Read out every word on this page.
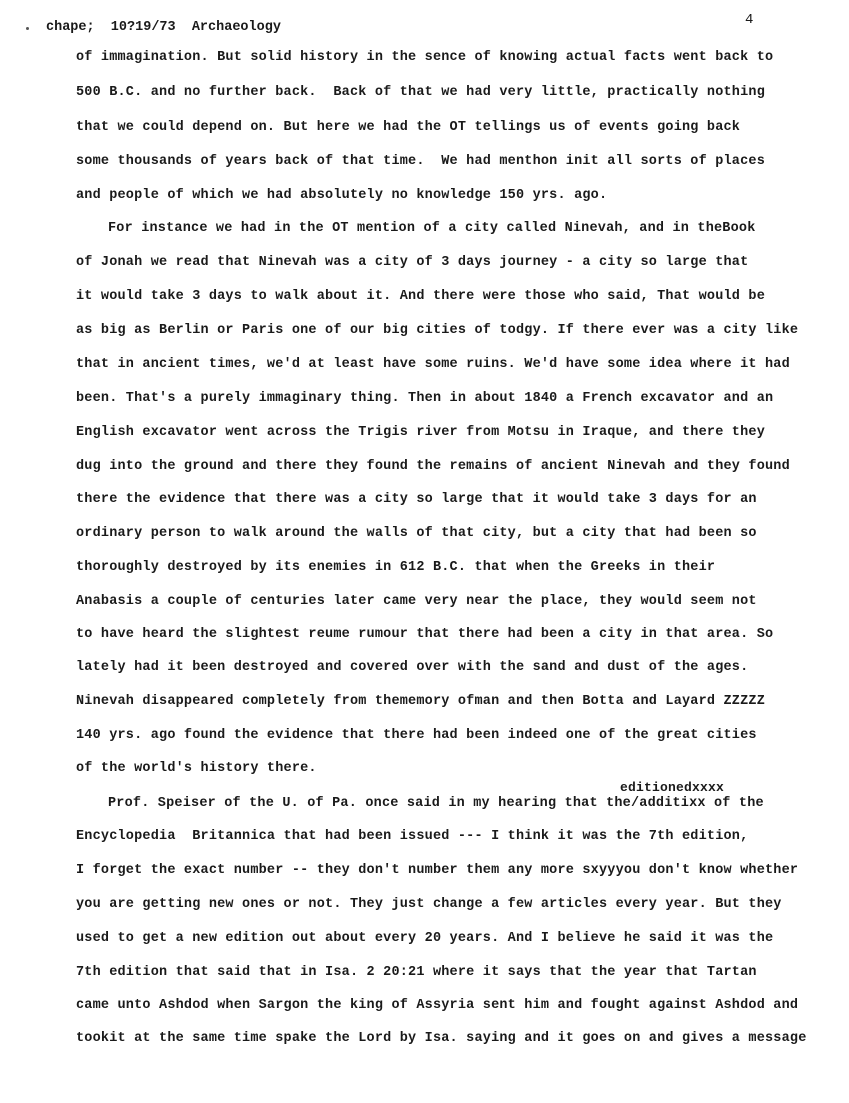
chape;  10?19/73  Archaeology	4
of immagination. But solid history in the sence of knowing actual facts went back to
500 B.C. and no further back.  Back of that we had very little, practically nothing
that we could depend on. But here we had the OT tellings us of events going back
some thousands of years back of that time.  We had menthon init all sorts of places
and people of which we had absolutely no knowledge 150 yrs. ago.
For instance we had in the OT mention of a city called Ninevah, and in theBook
of Jonah we read that Ninevah was a city of 3 days journey - a city so large that
it would take 3 days to walk about it. And there were those who said, That would be
as big as Berlin or Paris one of our big cities of todgy. If there ever was a city like
that in ancient times, we'd at least have some ruins. We'd have some idea where it had
been. That's a purely immaginary thing. Then in about 1840 a French excavator and an
English excavator went across the Trigis river from Motsu in Iraque, and there they
dug into the ground and there they found the remains of ancient Ninevah and they found
there the evidence that there was a city so large that it would take 3 days for an
ordinary person to walk around the walls of that city, but a city that had been so
thoroughly destroyed by its enemies in 612 B.C. that when the Greeks in their
Anabasis a couple of centuries later came very near the place, they would seem not
to have heard the slightest reume rumour that there had been a city in that area. So
lately had it been destroyed and covered over with the sand and dust of the ages.
Ninevah disappeared completely from thememory ofman and then Botta and Layard ZZZZZ
140 yrs. ago found the evidence that there had been indeed one of the great cities
of the world's history there.
editionedxxxx
Prof. Speiser of the U. of Pa. once said in my hearing that the/additixx of the
Encyclopedia  Britannica that had been issued --- I think it was the 7th edition,
I forget the exact number -- they don't number them any more sxyyyou don't know whether
you are getting new ones or not. They just change a few articles every year. But they
used to get a new edition out about every 20 years. And I believe he said it was the
7th edition that said that in Isa. 2 20:21 where it says that the year that Tartan
came unto Ashdod when Sargon the king of Assyria sent him and fought against Ashdod and
tookit at the same time spake the Lord by Isa. saying and it goes on and gives a message
